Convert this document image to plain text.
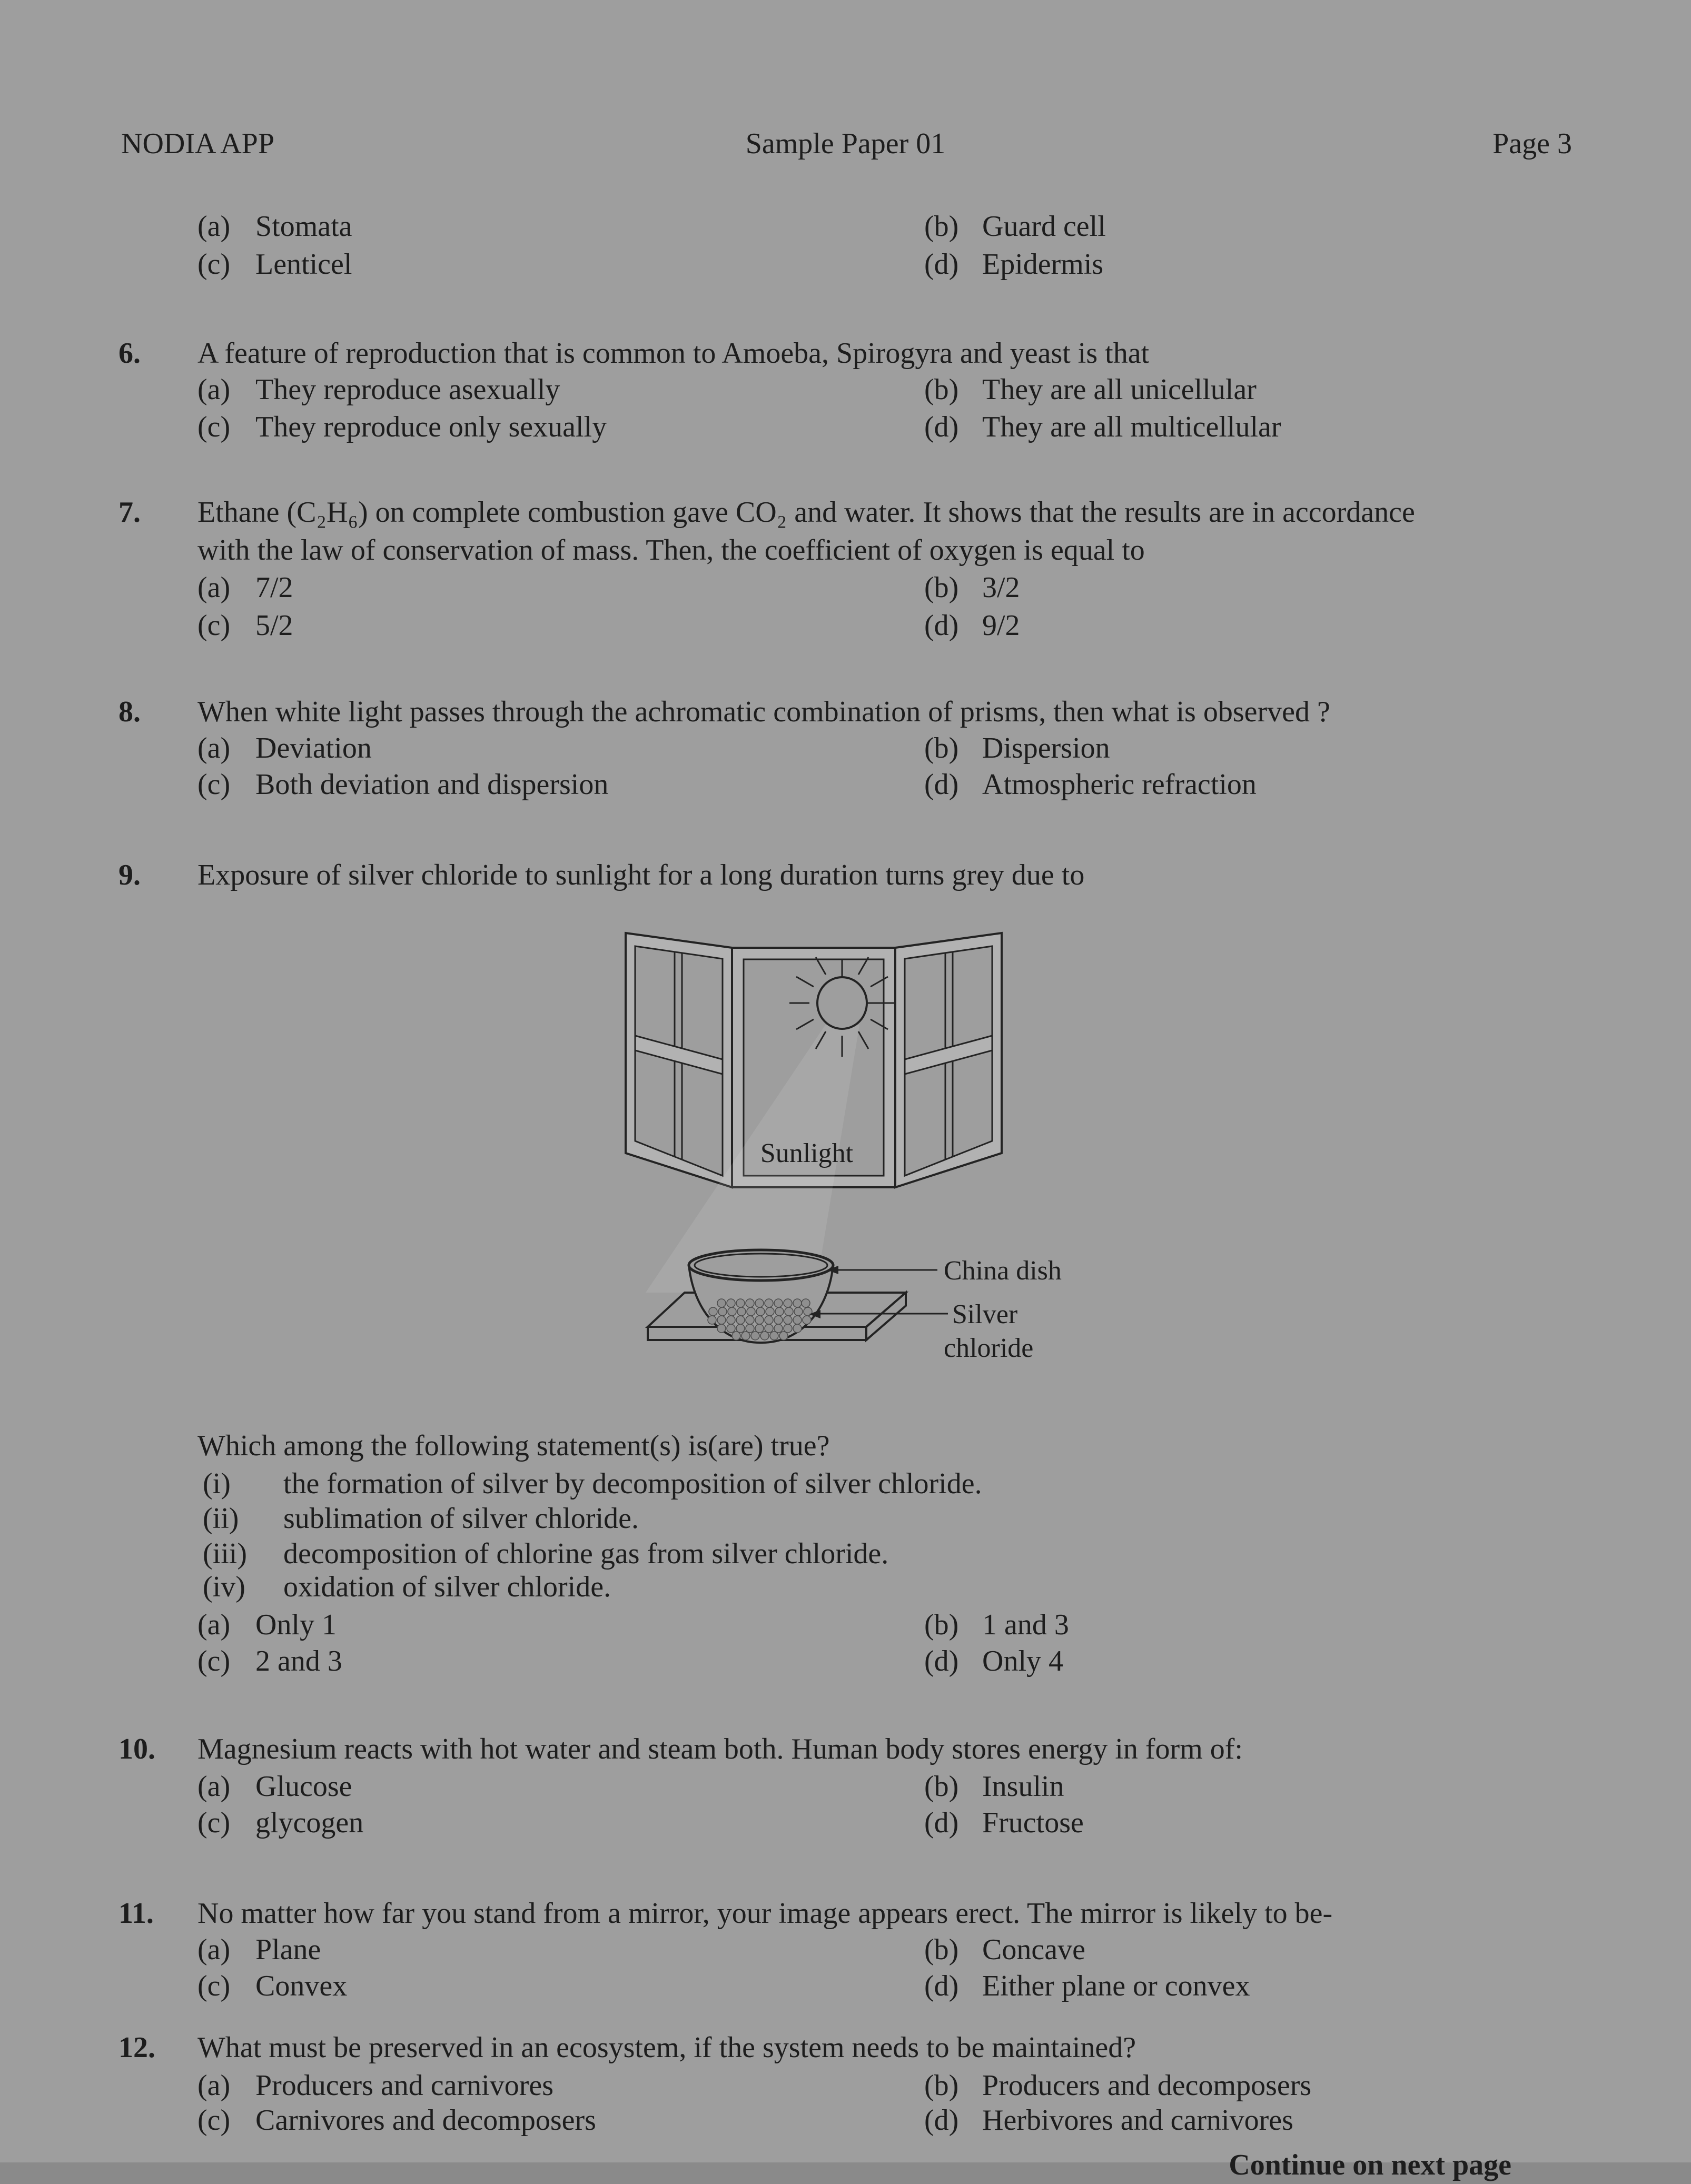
NODIA APP	Sample Paper 01	Page 3
(a) Stomata	(b) Guard cell
(c) Lenticel	(d) Epidermis
6. A feature of reproduction that is common to Amoeba, Spirogyra and yeast is that
(a) They reproduce asexually	(b) They are all unicellular
(c) They reproduce only sexually	(d) They are all multicellular
7. Ethane (C₂H₆) on complete combustion gave CO₂ and water. It shows that the results are in accordance
with the law of conservation of mass. Then, the coefficient of oxygen is equal to
(a) 7/2	(b) 3/2
(c) 5/2	(d) 9/2
8. When white light passes through the achromatic combination of prisms, then what is observed ?
(a) Deviation	(b) Dispersion
(c) Both deviation and dispersion	(d) Atmospheric refraction
9. Exposure of silver chloride to sunlight for a long duration turns grey due to
Sunlight
China dish
Silver
chloride
Which among the following statement(s) is(are) true?
(i) the formation of silver by decomposition of silver chloride.
(ii) sublimation of silver chloride.
(iii) decomposition of chlorine gas from silver chloride.
(iv) oxidation of silver chloride.
(a) Only 1	(b) 1 and 3
(c) 2 and 3	(d) Only 4
10. Magnesium reacts with hot water and steam both. Human body stores energy in form of:
(a) Glucose	(b) Insulin
(c) glycogen	(d) Fructose
11. No matter how far you stand from a mirror, your image appears erect. The mirror is likely to be-
(a) Plane	(b) Concave
(c) Convex	(d) Either plane or convex
12. What must be preserved in an ecosystem, if the system needs to be maintained?
(a) Producers and carnivores	(b) Producers and decomposers
(c) Carnivores and decomposers	(d) Herbivores and carnivores
Continue on next page
